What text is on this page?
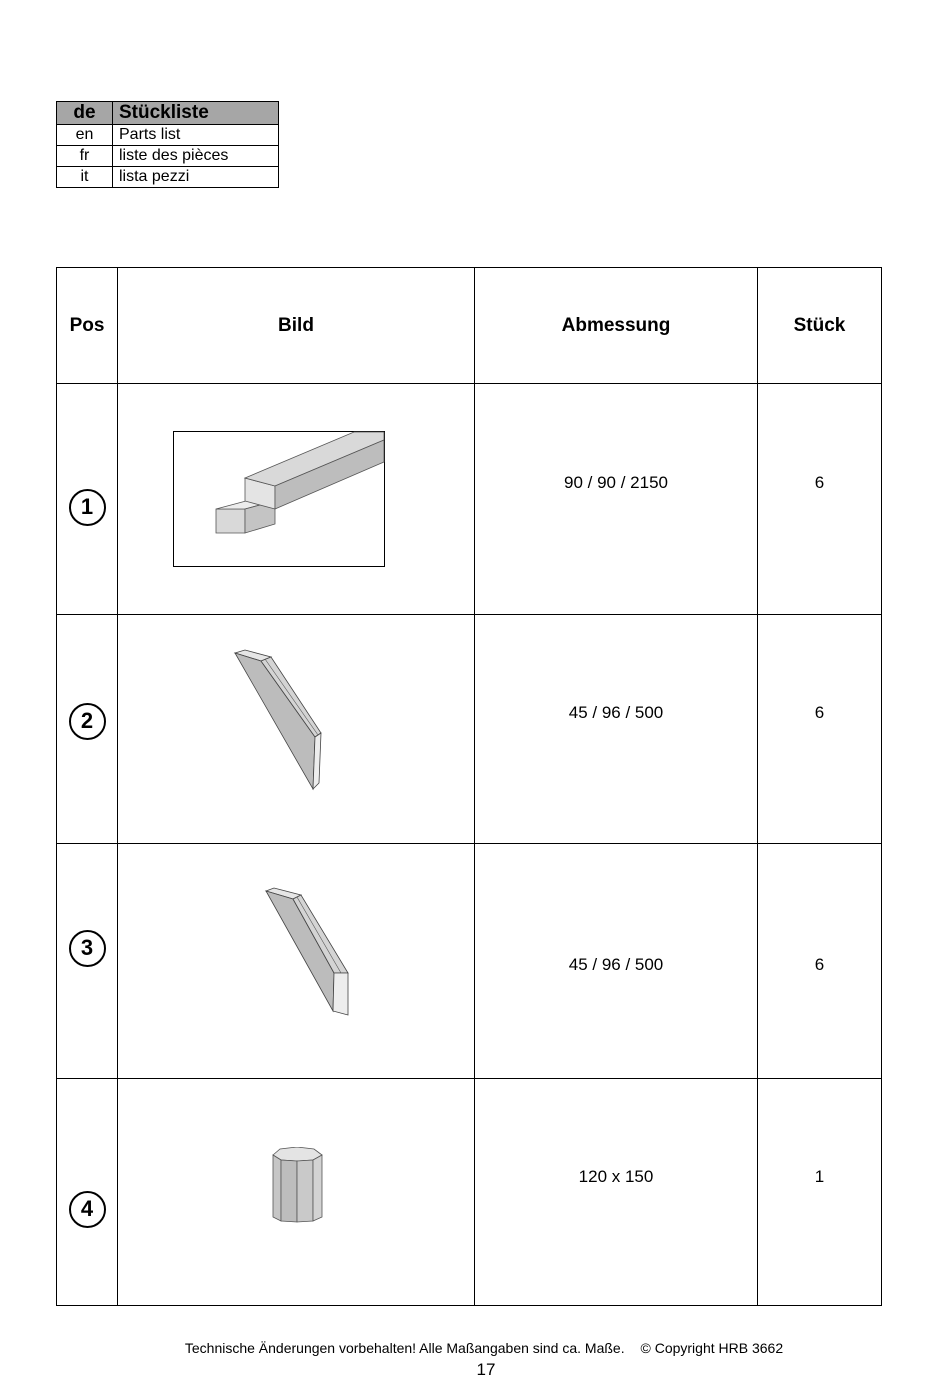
de	Stückliste
en	Parts list
fr	liste des pièces
it	lista pezzi
Pos	Bild	Abmessung	Stück

1		90 / 90 / 2150	6

2		45 / 96 / 500	6

3		45 / 96 / 500	6

4		120 x 150	1
Technische Änderungen vorbehalten! Alle Maßangaben sind ca. Maße. © Copyright HRB 3662
17
